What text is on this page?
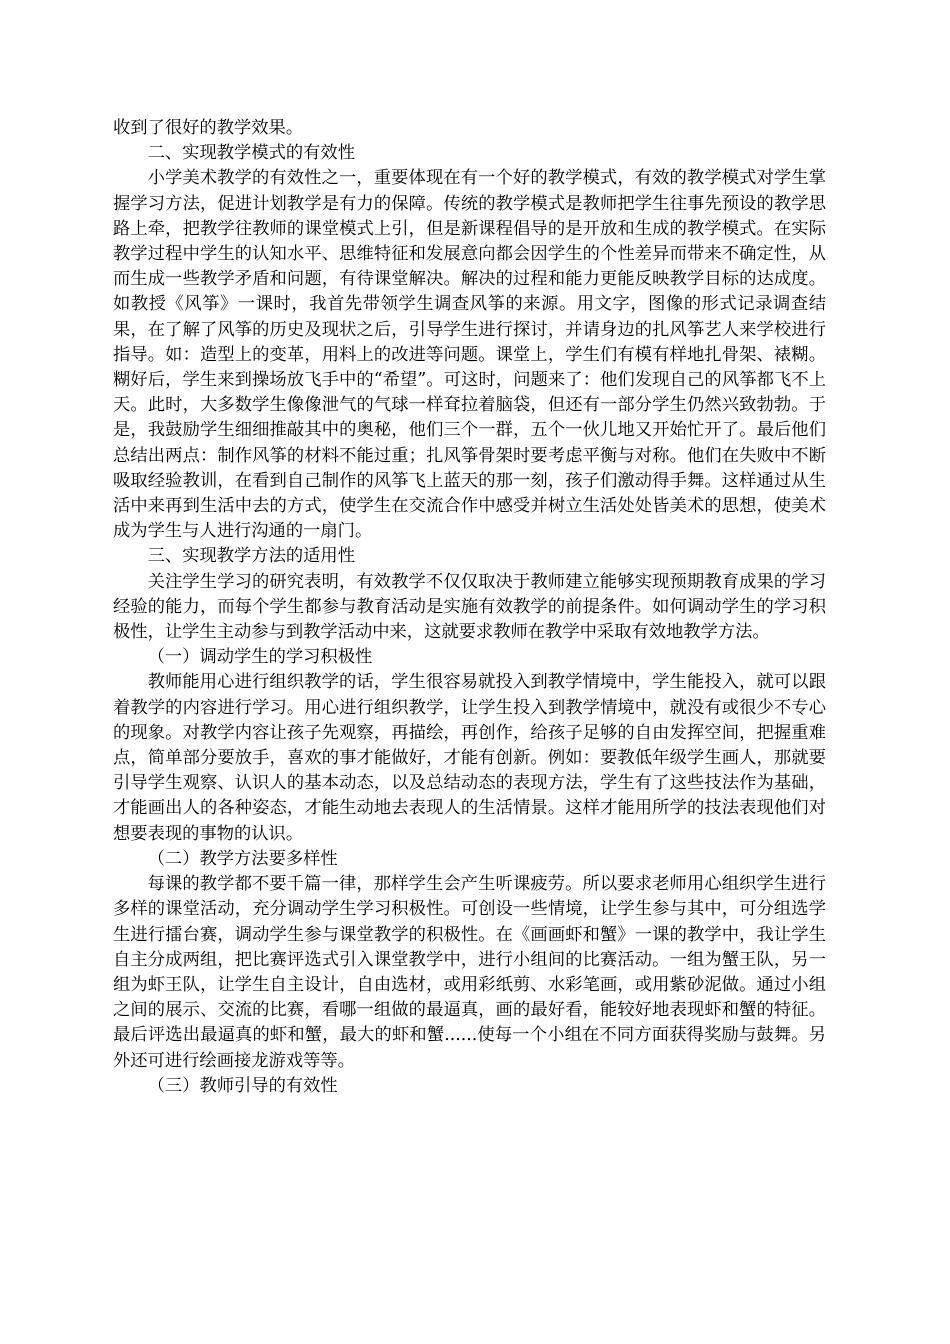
收到了很好的教学效果。

二、实现教学模式的有效性

小学美术教学的有效性之一，重要体现在有一个好的教学模式，有效的教学模式对学生掌握学习方法，促进计划教学是有力的保障。传统的教学模式是教师把学生往事先预设的教学思路上牵，把教学往教师的课堂模式上引，但是新课程倡导的是开放和生成的教学模式。在实际教学过程中学生的认知水平、思维特征和发展意向都会因学生的个性差异而带来不确定性，从而生成一些教学矛盾和问题，有待课堂解决。解决的过程和能力更能反映教学目标的达成度。如教授《风筝》一课时，我首先带领学生调查风筝的来源。用文字，图像的形式记录调查结果，在了解了风筝的历史及现状之后，引导学生进行探讨，并请身边的扎风筝艺人来学校进行指导。如：造型上的变革，用料上的改进等问题。课堂上，学生们有模有样地扎骨架、裱糊。糊好后，学生来到操场放飞手中的“希望”。可这时，问题来了：他们发现自己的风筝都飞不上天。此时，大多数学生像像泄气的气球一样耷拉着脑袋，但还有一部分学生仍然兴致勃勃。于是，我鼓励学生细细推敲其中的奥秘，他们三个一群，五个一伙儿地又开始忙开了。最后他们总结出两点：制作风筝的材料不能过重；扎风筝骨架时要考虑平衡与对称。他们在失败中不断吸取经验教训，在看到自己制作的风筝飞上蓝天的那一刻，孩子们激动得手舞。这样通过从生活中来再到生活中去的方式，使学生在交流合作中感受并树立生活处处皆美术的思想，使美术成为学生与人进行沟通的一扇门。

三、实现教学方法的适用性

关注学生学习的研究表明，有效教学不仅仅取决于教师建立能够实现预期教育成果的学习经验的能力，而每个学生都参与教育活动是实施有效教学的前提条件。如何调动学生的学习积极性，让学生主动参与到教学活动中来，这就要求教师在教学中采取有效地教学方法。

（一）调动学生的学习积极性

教师能用心进行组织教学的话，学生很容易就投入到教学情境中，学生能投入，就可以跟着教学的内容进行学习。用心进行组织教学，让学生投入到教学情境中，就没有或很少不专心的现象。对教学内容让孩子先观察，再描绘，再创作，给孩子足够的自由发挥空间，把握重难点，简单部分要放手，喜欢的事才能做好，才能有创新。例如：要教低年级学生画人，那就要引导学生观察、认识人的基本动态，以及总结动态的表现方法，学生有了这些技法作为基础，才能画出人的各种姿态，才能生动地去表现人的生活情景。这样才能用所学的技法表现他们对想要表现的事物的认识。

（二）教学方法要多样性

每课的教学都不要千篇一律，那样学生会产生听课疲劳。所以要求老师用心组织学生进行多样的课堂活动，充分调动学生学习积极性。可创设一些情境，让学生参与其中，可分组选学生进行擂台赛，调动学生参与课堂教学的积极性。在《画画虾和蟹》一课的教学中，我让学生自主分成两组，把比赛评选式引入课堂教学中，进行小组间的比赛活动。一组为蟹王队，另一组为虾王队，让学生自主设计，自由选材，或用彩纸剪、水彩笔画，或用紫砂泥做。通过小组之间的展示、交流的比赛，看哪一组做的最逼真，画的最好看，能较好地表现虾和蟹的特征。最后评选出最逼真的虾和蟹，最大的虾和蟹......使每一个小组在不同方面获得奖励与鼓舞。另外还可进行绘画接龙游戏等等。

（三）教师引导的有效性
